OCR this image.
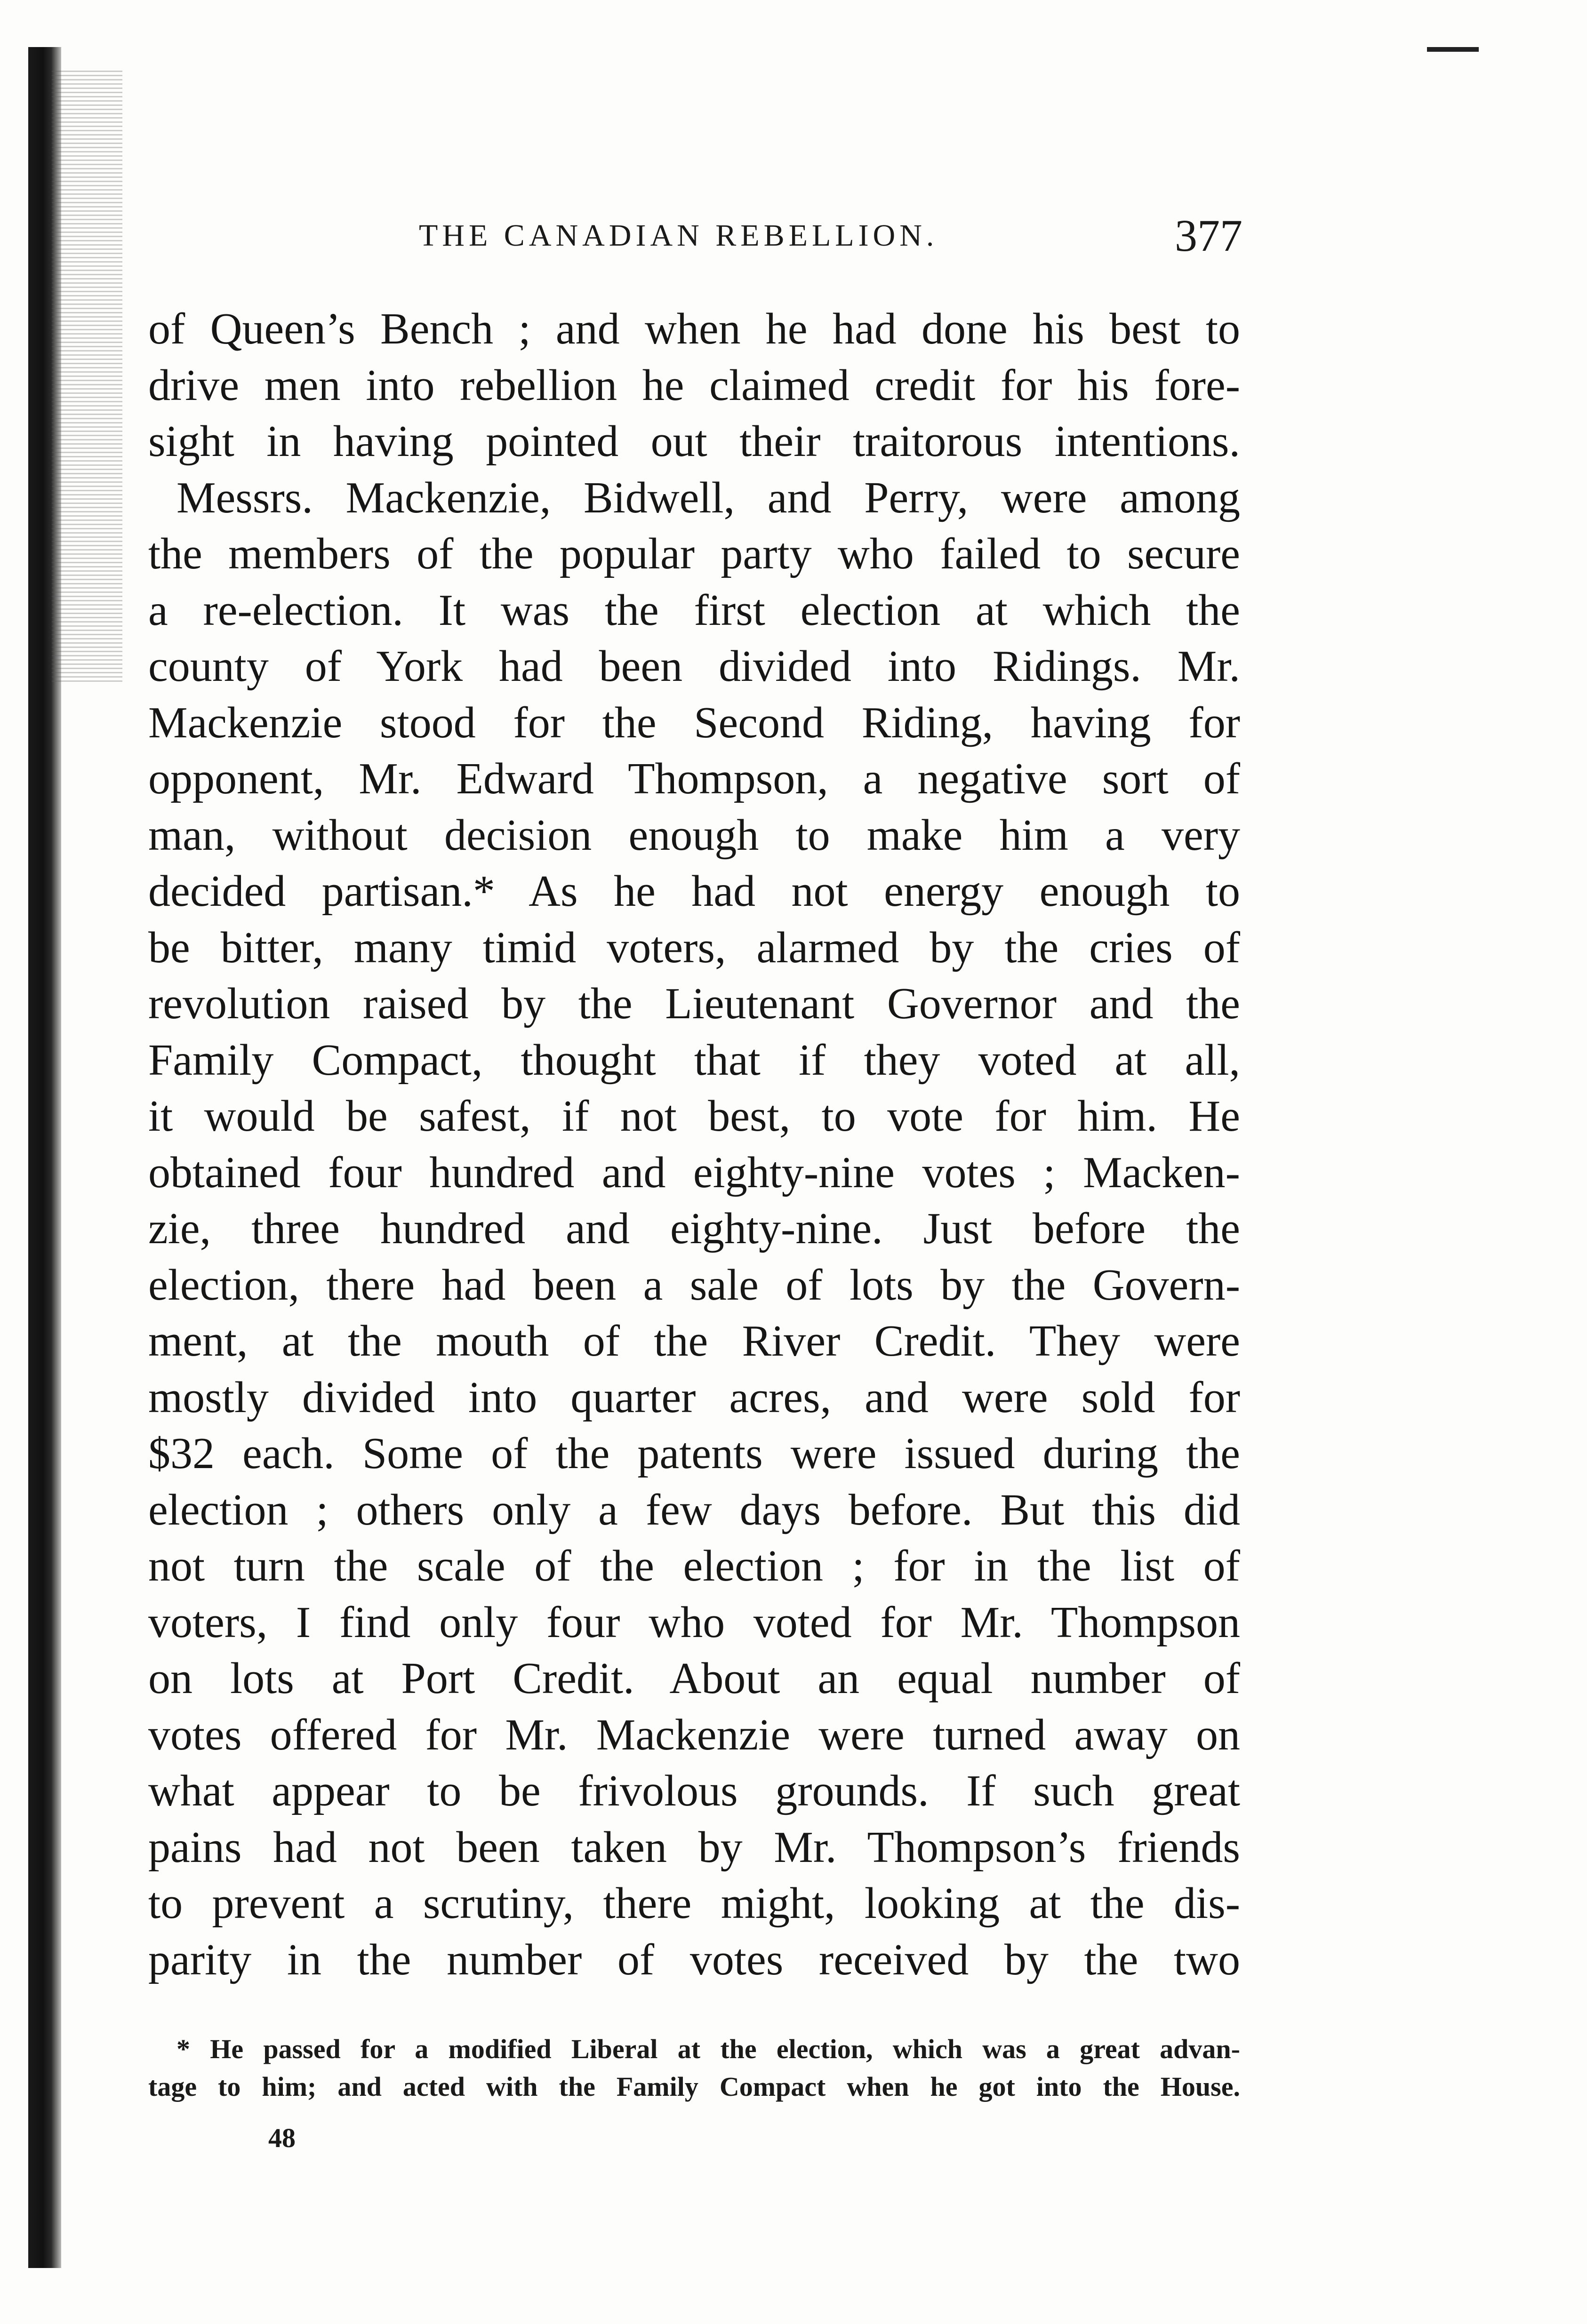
THE CANADIAN REBELLION.	377
of Queen’s Bench ; and when he had done his best to
drive men into rebellion he claimed credit for his fore-
sight in having pointed out their traitorous intentions.
Messrs. Mackenzie, Bidwell, and Perry, were among
the members of the popular party who failed to secure
a re-election. It was the first election at which the
county of York had been divided into Ridings. Mr.
Mackenzie stood for the Second Riding, having for
opponent, Mr. Edward Thompson, a negative sort of
man, without decision enough to make him a very
decided partisan.* As he had not energy enough to
be bitter, many timid voters, alarmed by the cries of
revolution raised by the Lieutenant Governor and the
Family Compact, thought that if they voted at all,
it would be safest, if not best, to vote for him. He
obtained four hundred and eighty-nine votes ; Macken-
zie, three hundred and eighty-nine. Just before the
election, there had been a sale of lots by the Govern-
ment, at the mouth of the River Credit. They were
mostly divided into quarter acres, and were sold for
$32 each. Some of the patents were issued during the
election ; others only a few days before. But this did
not turn the scale of the election ; for in the list of
voters, I find only four who voted for Mr. Thompson
on lots at Port Credit. About an equal number of
votes offered for Mr. Mackenzie were turned away on
what appear to be frivolous grounds. If such great
pains had not been taken by Mr. Thompson’s friends
to prevent a scrutiny, there might, looking at the dis-
parity in the number of votes received by the two
* He passed for a modified Liberal at the election, which was a great advan-
tage to him; and acted with the Family Compact when he got into the House.
48
